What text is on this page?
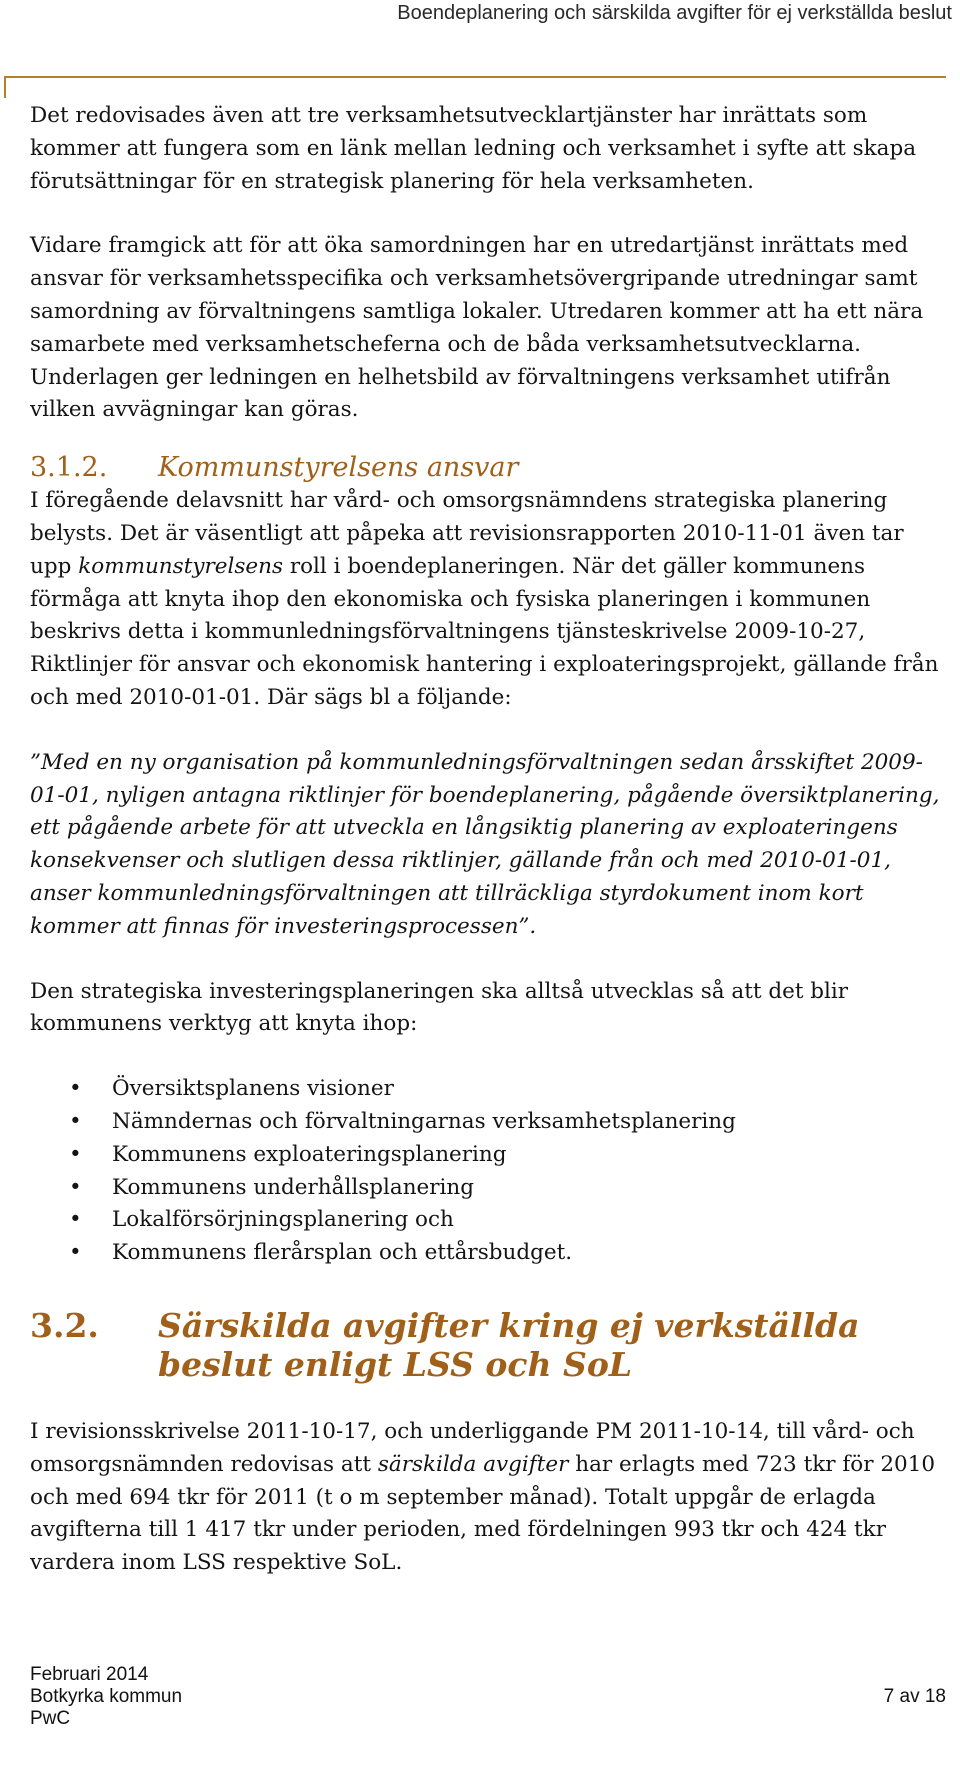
Boendeplanering och särskilda avgifter för ej verkställda beslut

Det redovisades även att tre verksamhetsutvecklartjänster har inrättats som kommer att fungera som en länk mellan ledning och verksamhet i syfte att skapa förutsättningar för en strategisk planering för hela verksamheten.

Vidare framgick att för att öka samordningen har en utredartjänst inrättats med ansvar för verksamhetsspecifika och verksamhetsövergripande utredningar samt samordning av förvaltningens samtliga lokaler. Utredaren kommer att ha ett nära samarbete med verksamhetscheferna och de båda verksamhetsutvecklarna. Underlagen ger ledningen en helhetsbild av förvaltningens verksamhet utifrån vilken avvägningar kan göras.

3.1.2.	Kommunstyrelsens ansvar

I föregående delavsnitt har vård- och omsorgsnämndens strategiska planering belysts. Det är väsentligt att påpeka att revisionsrapporten 2010-11-01 även tar upp kommunstyrelsens roll i boendeplaneringen. När det gäller kommunens förmåga att knyta ihop den ekonomiska och fysiska planeringen i kommunen beskrivs detta i kommunledningsförvaltningens tjänsteskrivelse 2009-10-27, Riktlinjer för ansvar och ekonomisk hantering i exploateringsprojekt, gällande från och med 2010-01-01. Där sägs bl a följande:

”Med en ny organisation på kommunledningsförvaltningen sedan årsskiftet 2009-01-01, nyligen antagna riktlinjer för boendeplanering, pågående översiktplanering, ett pågående arbete för att utveckla en långsiktig planering av exploateringens konsekvenser och slutligen dessa riktlinjer, gällande från och med 2010-01-01, anser kommunledningsförvaltningen att tillräckliga styrdokument inom kort kommer att finnas för investeringsprocessen”.

Den strategiska investeringsplaneringen ska alltså utvecklas så att det blir kommunens verktyg att knyta ihop:

• Översiktsplanens visioner
• Nämndernas och förvaltningarnas verksamhetsplanering
• Kommunens exploateringsplanering
• Kommunens underhållsplanering
• Lokalförsörjningsplanering och
• Kommunens flerårsplan och ettårsbudget.
3.2.	Särskilda avgifter kring ej verkställda
beslut enligt LSS och SoL

I revisionsskrivelse 2011-10-17, och underliggande PM 2011-10-14, till vård- och omsorgsnämnden redovisas att särskilda avgifter har erlagts med 723 tkr för 2010 och med 694 tkr för 2011 (t o m september månad). Totalt uppgår de erlagda avgifterna till 1 417 tkr under perioden, med fördelningen 993 tkr och 424 tkr vardera inom LSS respektive SoL.

Februari 2014
Botkyrka kommun
PwC
7 av 18
